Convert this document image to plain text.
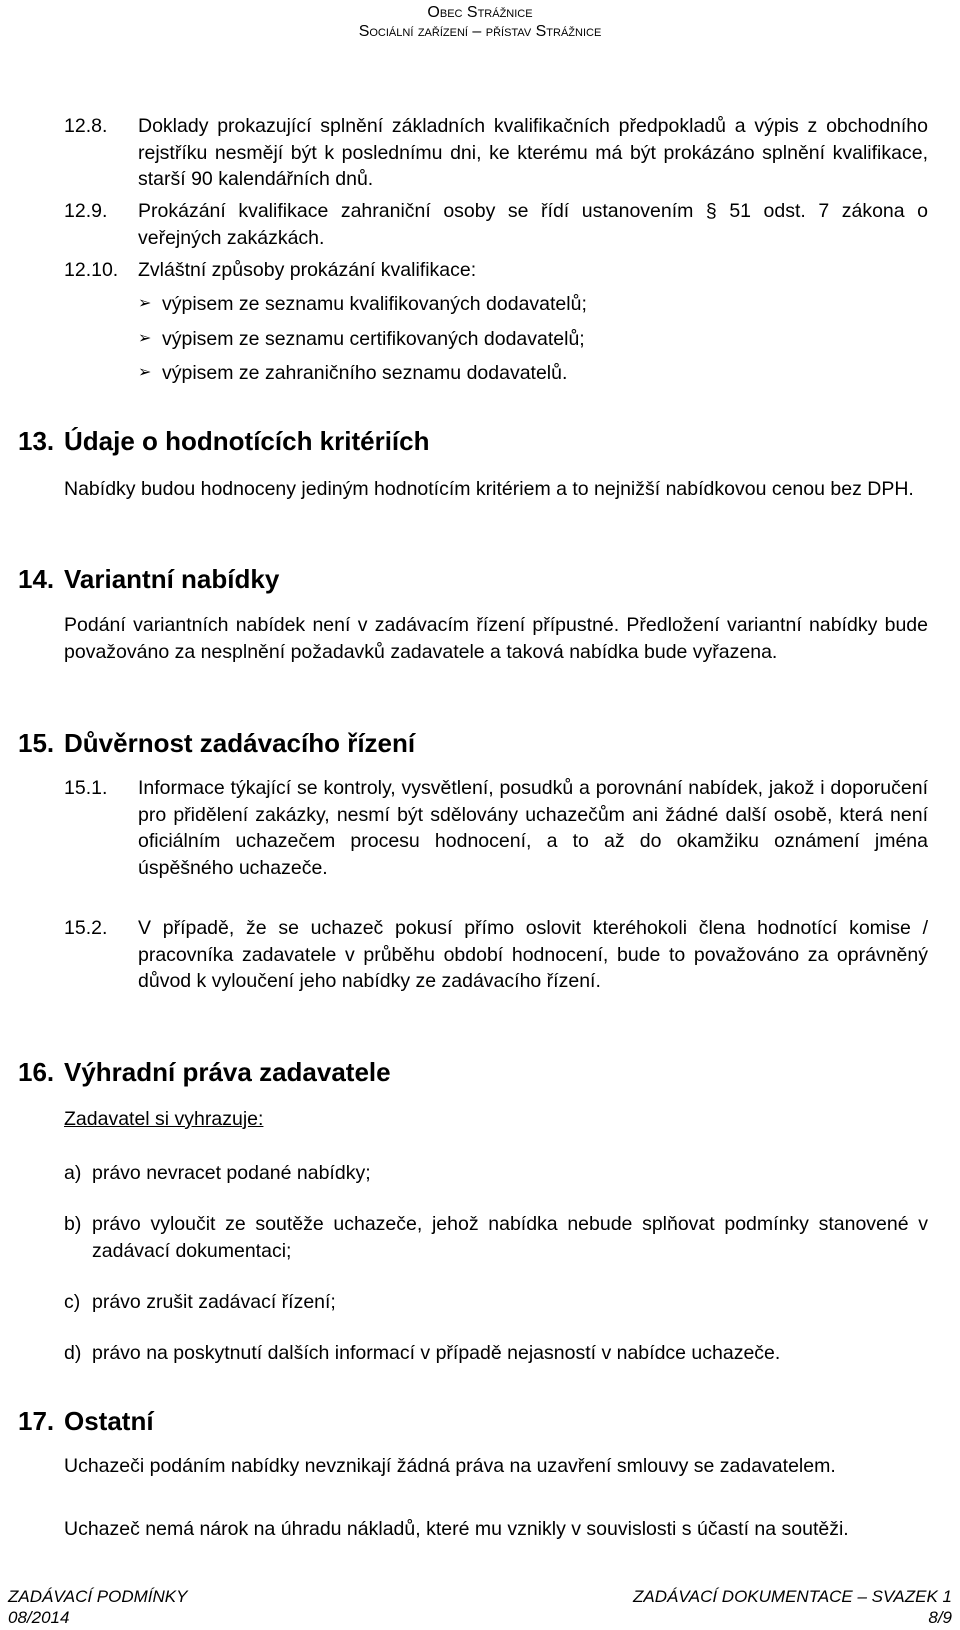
Obec Strážnice
Sociální zařízení – přístav Strážnice
12.8. Doklady prokazující splnění základních kvalifikačních předpokladů a výpis z obchodního rejstříku nesmějí být k poslednímu dni, ke kterému má být prokázáno splnění kvalifikace, starší 90 kalendářních dnů.
12.9. Prokázání kvalifikace zahraniční osoby se řídí ustanovením § 51 odst. 7 zákona o veřejných zakázkách.
12.10. Zvláštní způsoby prokázání kvalifikace:
➢ výpisem ze seznamu kvalifikovaných dodavatelů;
➢ výpisem ze seznamu certifikovaných dodavatelů;
➢ výpisem ze zahraničního seznamu dodavatelů.
13. Údaje o hodnotících kritériích
Nabídky budou hodnoceny jediným hodnotícím kritériem a to nejnižší nabídkovou cenou bez DPH.
14. Variantní nabídky
Podání variantních nabídek není v zadávacím řízení přípustné. Předložení variantní nabídky bude považováno za nesplnění požadavků zadavatele a taková nabídka bude vyřazena.
15. Důvěrnost zadávacího řízení
15.1. Informace týkající se kontroly, vysvětlení, posudků a porovnání nabídek, jakož i doporučení pro přidělení zakázky, nesmí být sdělovány uchazečům ani žádné další osobě, která není oficiálním uchazečem procesu hodnocení, a to až do okamžiku oznámení jména úspěšného uchazeče.
15.2. V případě, že se uchazeč pokusí přímo oslovit kteréhokoli člena hodnotící komise / pracovníka zadavatele v průběhu období hodnocení, bude to považováno za oprávněný důvod k vyloučení jeho nabídky ze zadávacího řízení.
16. Výhradní práva zadavatele
Zadavatel si vyhrazuje:
a) právo nevracet podané nabídky;
b) právo vyloučit ze soutěže uchazeče, jehož nabídka nebude splňovat podmínky stanovené v zadávací dokumentaci;
c) právo zrušit zadávací řízení;
d) právo na poskytnutí dalších informací v případě nejasností v nabídce uchazeče.
17. Ostatní
Uchazeči podáním nabídky nevznikají žádná práva na uzavření smlouvy se zadavatelem.
Uchazeč nemá nárok na úhradu nákladů, které mu vznikly v souvislosti s účastí na soutěži.
ZADÁVACÍ PODMÍNKY	ZADÁVACÍ DOKUMENTACE – SVAZEK 1
08/2014	8/9
